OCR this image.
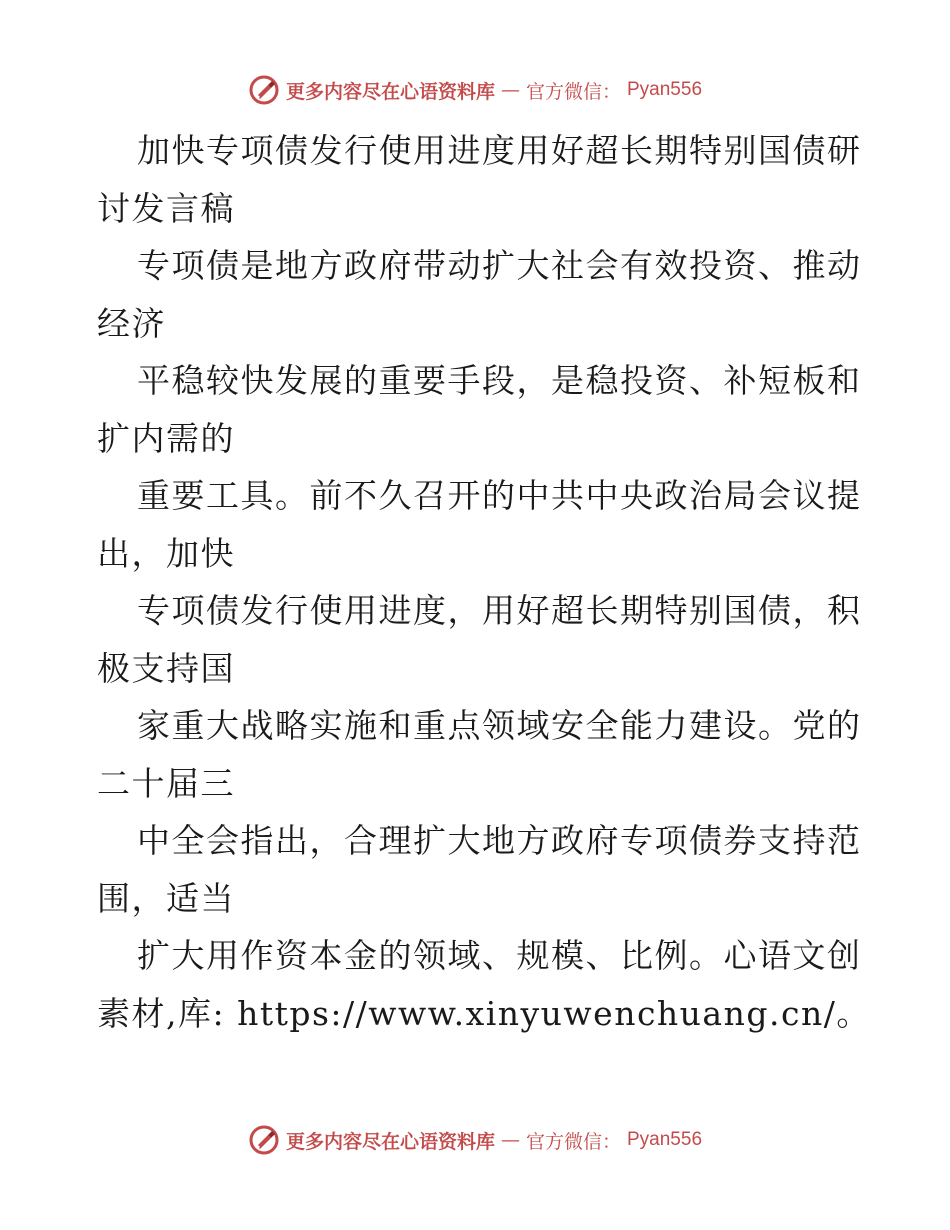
更多内容尽在心语资料库 — 官方微信： Pyan556
加快专项债发行使用进度用好超长期特别国债研
讨发言稿
专项债是地方政府带动扩大社会有效投资、推动
经济
平稳较快发展的重要手段，是稳投资、补短板和
扩内需的
重要工具。前不久召开的中共中央政治局会议提
出，加快
专项债发行使用进度，用好超长期特别国债，积
极支持国
家重大战略实施和重点领域安全能力建设。党的
二十届三
中全会指出，合理扩大地方政府专项债券支持范
围，适当
扩大用作资本金的领域、规模、比例。心语文创
素材,库: https://www.xinyuwenchuang.cn/。
更多内容尽在心语资料库 — 官方微信： Pyan556
